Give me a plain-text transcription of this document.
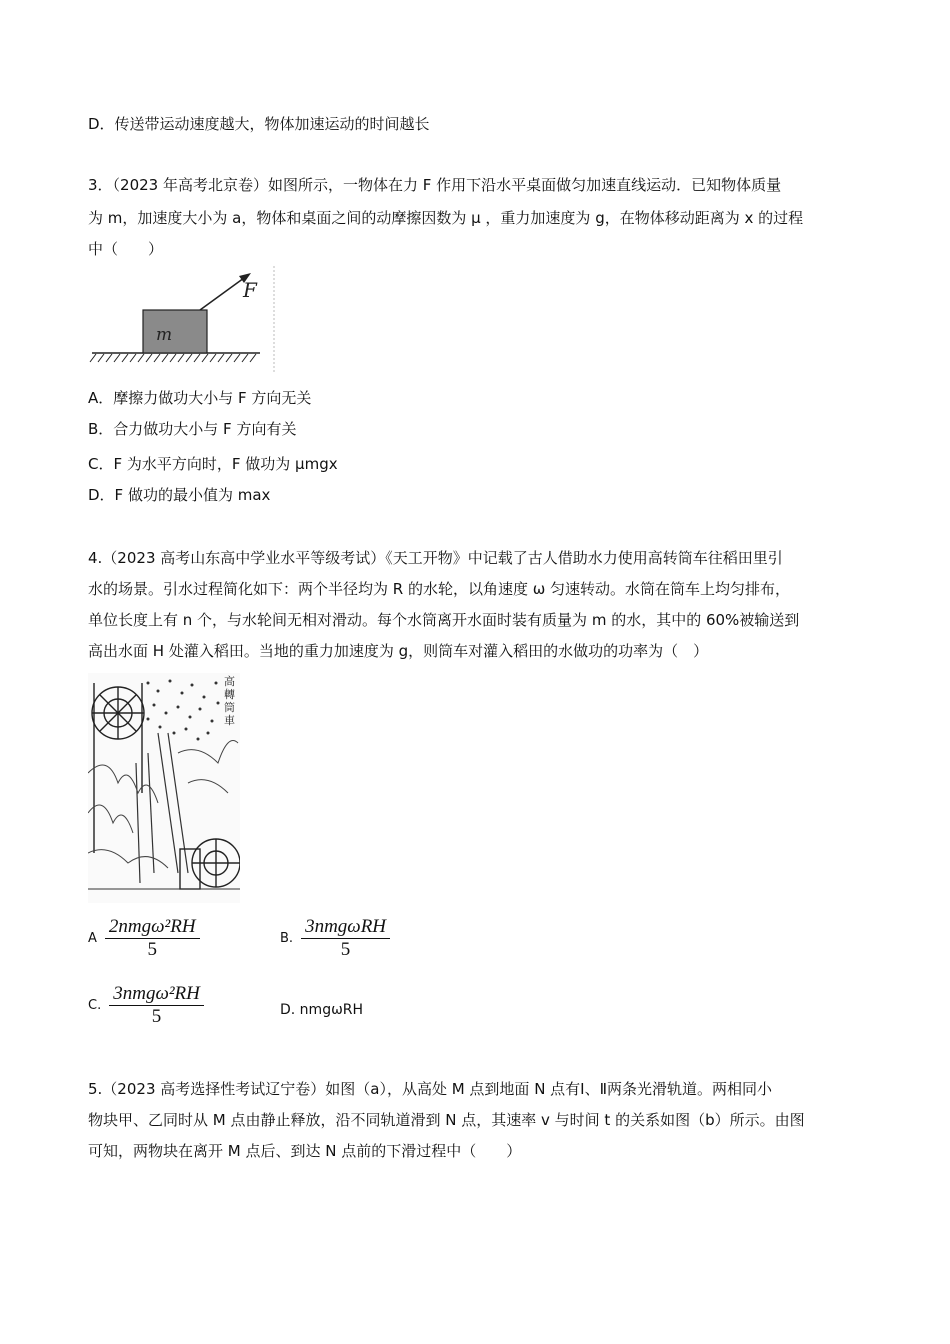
D．传送带运动速度越大，物体加速运动的时间越长
3．（2023 年高考北京卷）如图所示，一物体在力 F 作用下沿水平桌面做匀加速直线运动．已知物体质量
为 m，加速度大小为 a，物体和桌面之间的动摩擦因数为 μ ，重力加速度为 g，在物体移动距离为 x 的过程
中（　　）
m
F
A．摩擦力做功大小与 F 方向无关
B．合力做功大小与 F 方向有关
C．F 为水平方向时，F 做功为 μmgx
D．F 做功的最小值为 max
4.（2023 高考山东高中学业水平等级考试）《天工开物》中记载了古人借助水力使用高转筒车往稻田里引
水的场景。引水过程简化如下：两个半径均为 R 的水轮，以角速度 ω 匀速转动。水筒在筒车上均匀排布，
单位长度上有 n 个，与水轮间无相对滑动。每个水筒离开水面时装有质量为 m 的水，其中的 60%被输送到
高出水面 H 处灌入稻田。当地的重力加速度为 g，则筒车对灌入稻田的水做功的功率为（　）
高轉筒車
A $\frac{\text{2nmgω²RH}}{5}$	B. $\frac{\text{3nmgωRH}}{5}$
C. $\frac{\text{3nmgω²RH}}{5}$	D. nmgωRH
5.（2023 高考选择性考试辽宁卷）如图（a），从高处 M 点到地面 N 点有Ⅰ、Ⅱ两条光滑轨道。两相同小
物块甲、乙同时从 M 点由静止释放，沿不同轨道滑到 N 点，其速率 v 与时间 t 的关系如图（b）所示。由图
可知，两物块在离开 M 点后、到达 N 点前的下滑过程中（　　）
